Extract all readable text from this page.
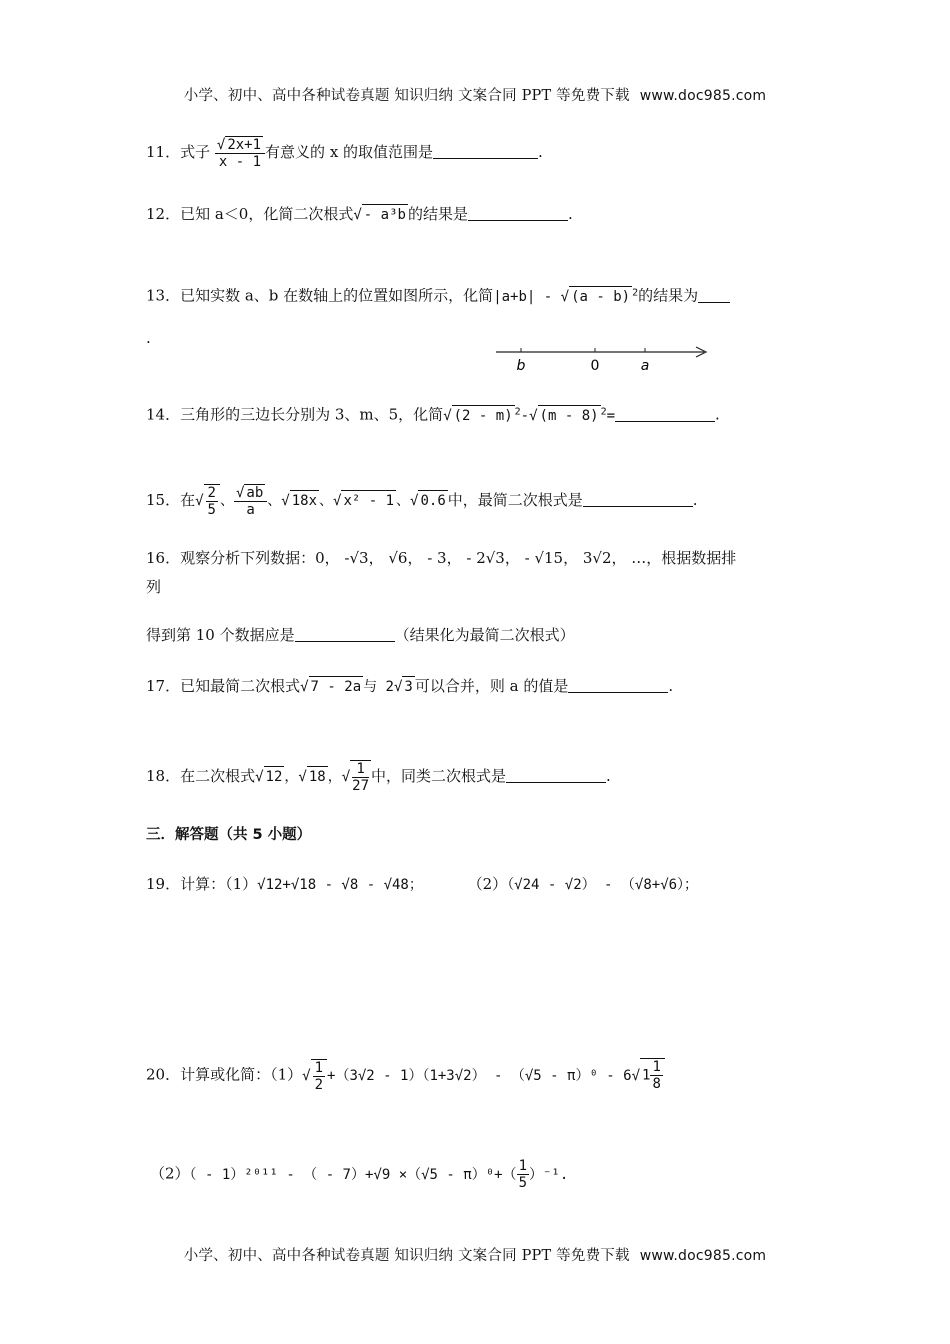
小学、初中、高中各种试卷真题 知识归纳 文案合同 PPT 等免费下载 www.doc985.com
11．式子 $\frac{√ 2x+1}{x - 1}$ 有意义的 x 的取值范围是	.
12．已知 a＜0，化简二次根式√ - a³b 的结果是	.
13．已知实数 a、b 在数轴上的位置如图所示，化简|a+b| - √ (a - b) $^2$的结果为
.
b	0	a
14．三角形的三边长分别为 3、m、5，化简√ (2 - m) $^2$-√ (m - 8) $^2$=	.
15．在√ $\frac{2}{5}$ 、 $\frac{√ ab}{a}$ 、√ 18x 、√ x² - 1 、√ 0.6 中，最简二次根式是	.
16．观察分析下列数据：0， -√3， √6， - 3， - 2√3， - √15， 3√2， …，根据数据排
列
得到第 10 个数据应是	（结果化为最简二次根式）
17．已知最简二次根式√ 7 - 2a 与 2√ 3 可以合并，则 a 的值是	.
18．在二次根式√ 12 ，√ 18 ，√ $\frac{1}{27}$ 中，同类二次根式是	.
三．解答题（共 5 小题）
19．计算：（1）√12+√18 - √8 - √48；	（2）（√24 - √2） - （√8+√6）；
20．计算或化简：$(1)√ \frac{1}{2} +(3√2 - 1)(1+3√2) - (√5 - \pi)^0 - 6√$ $1 \frac{1}{8}$
（2）（ - 1）²⁰¹¹ - （ - $7)+√9 \times(√5 - \pi)^0+( \frac{1}{5} )^{-1}$.
小学、初中、高中各种试卷真题 知识归纳 文案合同 PPT 等免费下载 www.doc985.com
